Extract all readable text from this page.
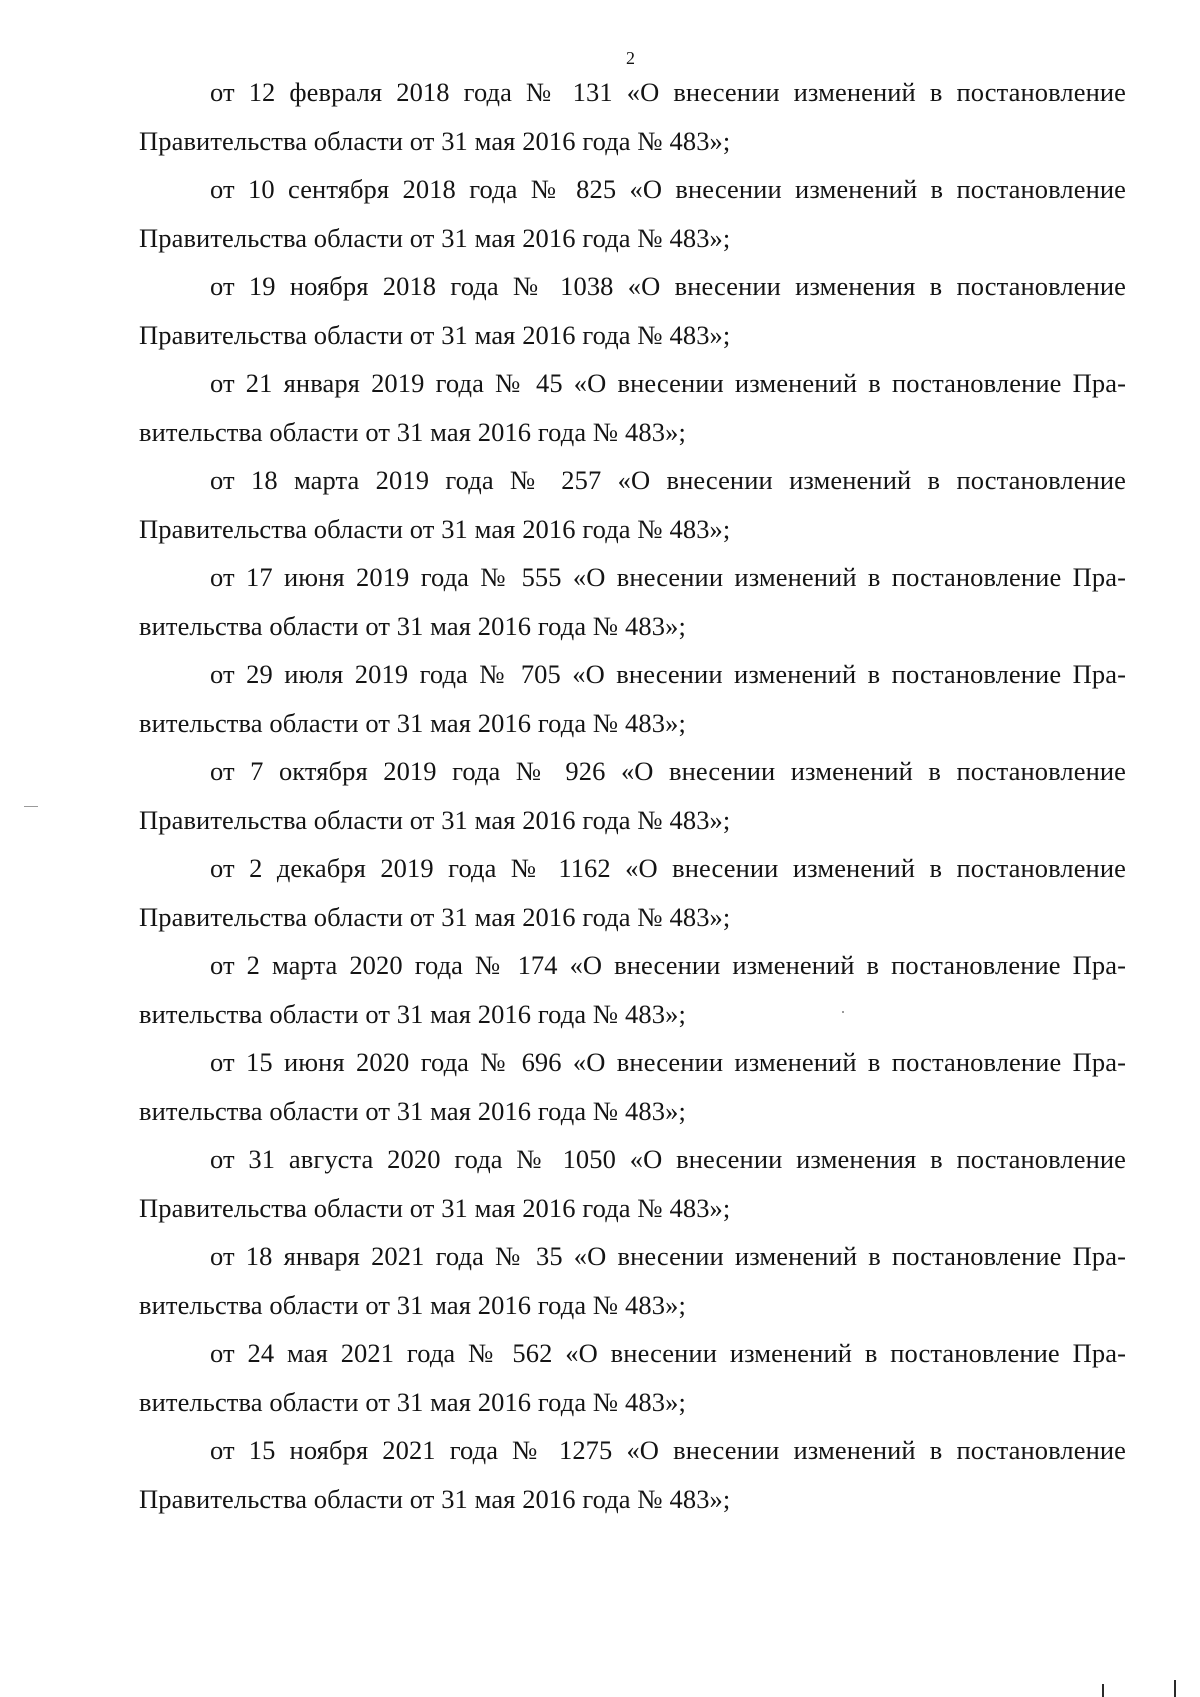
2

от 12 февраля 2018 года № 131 «О внесении изменений в постановление
Правительства области от 31 мая 2016 года № 483»;

от 10 сентября 2018 года № 825 «О внесении изменений в постановление
Правительства области от 31 мая 2016 года № 483»;

от 19 ноября 2018 года № 1038 «О внесении изменения в постановление
Правительства области от 31 мая 2016 года № 483»;

от 21 января 2019 года № 45 «О внесении изменений в постановление Пра-
вительства области от 31 мая 2016 года № 483»;

от 18 марта 2019 года № 257 «О внесении изменений в постановление
Правительства области от 31 мая 2016 года № 483»;

от 17 июня 2019 года № 555 «О внесении изменений в постановление Пра-
вительства области от 31 мая 2016 года № 483»;

от 29 июля 2019 года № 705 «О внесении изменений в постановление Пра-
вительства области от 31 мая 2016 года № 483»;

от 7 октября 2019 года № 926 «О внесении изменений в постановление
Правительства области от 31 мая 2016 года № 483»;

от 2 декабря 2019 года № 1162 «О внесении изменений в постановление
Правительства области от 31 мая 2016 года № 483»;

от 2 марта 2020 года № 174 «О внесении изменений в постановление Пра-
вительства области от 31 мая 2016 года № 483»;

от 15 июня 2020 года № 696 «О внесении изменений в постановление Пра-
вительства области от 31 мая 2016 года № 483»;

от 31 августа 2020 года № 1050 «О внесении изменения в постановление
Правительства области от 31 мая 2016 года № 483»;

от 18 января 2021 года № 35 «О внесении изменений в постановление Пра-
вительства области от 31 мая 2016 года № 483»;

от 24 мая 2021 года № 562 «О внесении изменений в постановление Пра-
вительства области от 31 мая 2016 года № 483»;

от 15 ноября 2021 года № 1275 «О внесении изменений в постановление
Правительства области от 31 мая 2016 года № 483»;
